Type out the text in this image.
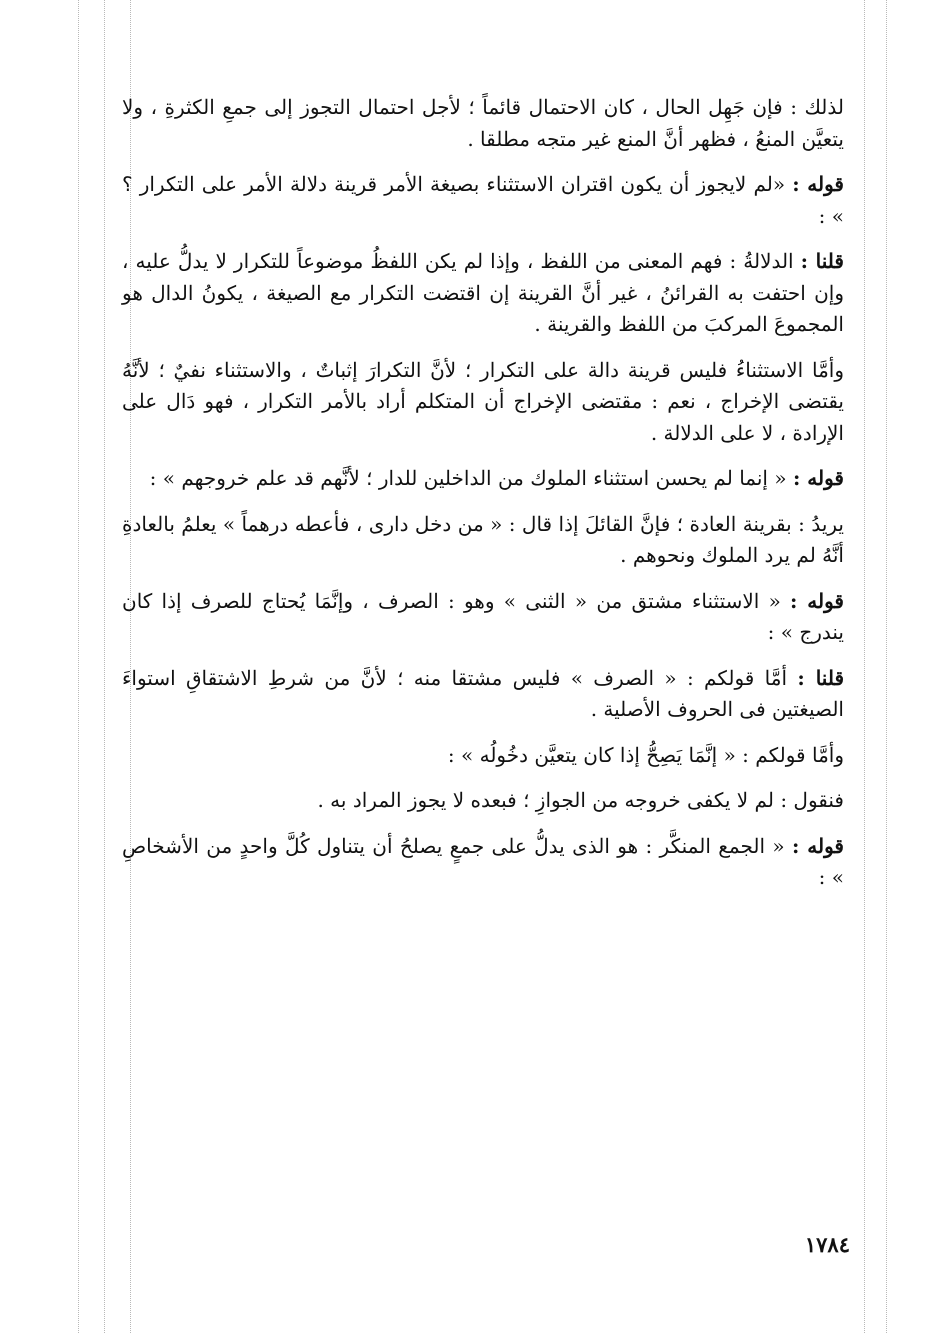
لذلك : فإن جَهِل الحال ، كان الاحتمال قائماً ؛ لأجل احتمال التجوز إلى جمعِ الكثرةِ ، ولا يتعيَّن المنعُ ، فظهر أنَّ المنع غير متجه مطلقا .

قوله : «لم لايجوز أن يكون اقتران الاستثناء بصيغة الأمر قرينة دلالة الأمر على التكرار ؟ » :

قلنا : الدلالةُ : فهم المعنى من اللفظ ، وإذا لم يكن اللفظُ موضوعاً للتكرار لا يدلُّ عليه ، وإن احتفت به القرائنُ ، غير أنَّ القرينة إن اقتضت التكرار مع الصيغة ، يكونُ الدال هو المجموعَ المركبَ من اللفظ والقرينة .

وأمَّا الاستثناءُ فليس قرينة دالة على التكرار ؛ لأنَّ التكرارَ إثباتٌ ، والاستثناء نفيٌ ؛ لأنَّهُ يقتضى الإخراج ، نعم : مقتضى الإخراج أن المتكلم أراد بالأمر التكرار ، فهو دَال على الإرادة ، لا على الدلالة .

قوله : « إنما لم يحسن استثناء الملوك من الداخلين للدار ؛ لأنَّهم قد علم خروجهم » :

يريدُ : بقرينة العادة ؛ فإنَّ القائلَ إذا قال : « من دخل دارى ، فأعطه درهماً » يعلمُ بالعادةِ أنَّهُ لم يرد الملوك ونحوهم .

قوله : « الاستثناء مشتق من « الثنى » وهو : الصرف ، وإنَّمَا يُحتاج للصرف إذا كان يندرج » :

قلنا : أمَّا قولكم : « الصرف » فليس مشتقا منه ؛ لأنَّ من شرطِ الاشتقاقِ استواءَ الصيغتين فى الحروف الأصلية .

وأمَّا قولكم : « إنَّمَا يَصِحُّ إذا كان يتعيَّن دخُولُه » :

فنقول : لم لا يكفى خروجه من الجوازِ ؛ فبعده لا يجوز المراد به .

قوله : « الجمع المنكَّر : هو الذى يدلُّ على جمعٍ يصلحُ أن يتناول كُلَّ واحدٍ من الأشخاصِ » :

١٧٨٤
